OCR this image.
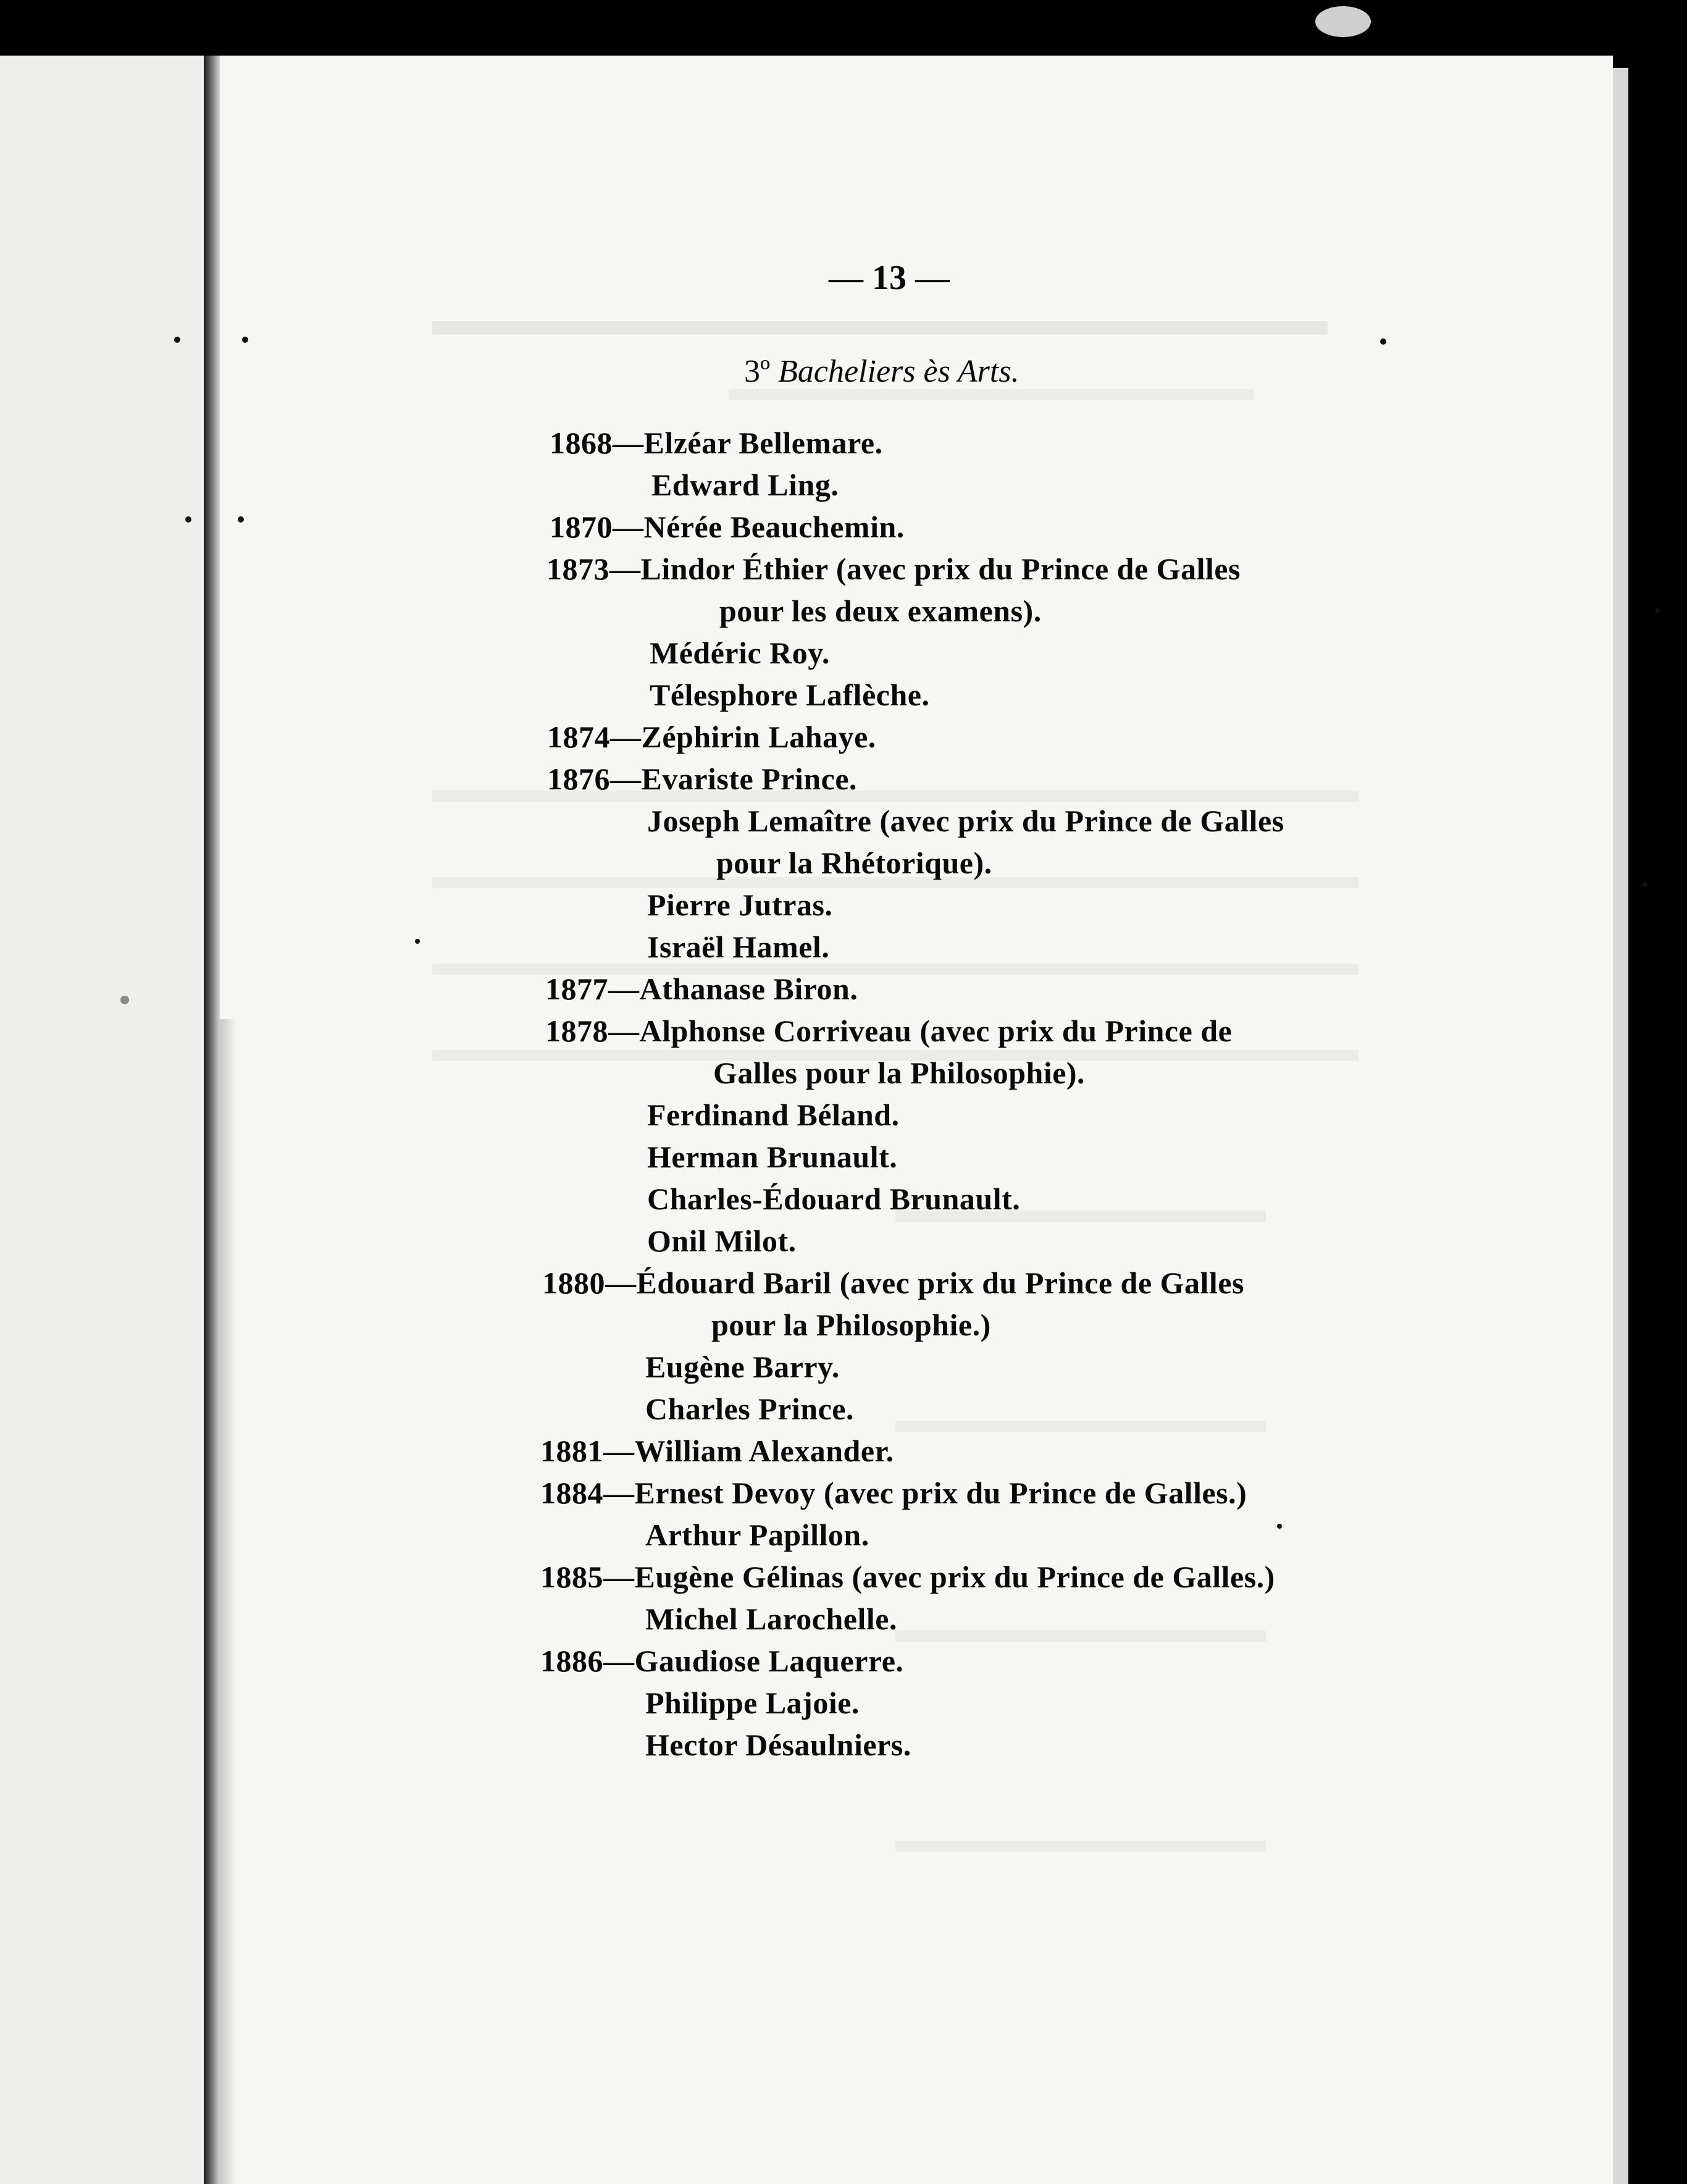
— 13 —
3º Bacheliers ès Arts.
1868—Elzéar Bellemare.
Edward Ling.
1870—Nérée Beauchemin.
1873—Lindor Éthier (avec prix du Prince de Galles
pour les deux examens).
Médéric Roy.
Télesphore Laflèche.
1874—Zéphirin Lahaye.
1876—Evariste Prince.
Joseph Lemaître (avec prix du Prince de Galles
pour la Rhétorique).
Pierre Jutras.
Israël Hamel.
1877—Athanase Biron.
1878—Alphonse Corriveau (avec prix du Prince de
Galles pour la Philosophie).
Ferdinand Béland.
Herman Brunault.
Charles-Édouard Brunault.
Onil Milot.
1880—Édouard Baril (avec prix du Prince de Galles
pour la Philosophie.)
Eugène Barry.
Charles Prince.
1881—William Alexander.
1884—Ernest Devoy (avec prix du Prince de Galles.)
Arthur Papillon.
1885—Eugène Gélinas (avec prix du Prince de Galles.)
Michel Larochelle.
1886—Gaudiose Laquerre.
Philippe Lajoie.
Hector Désaulniers.
